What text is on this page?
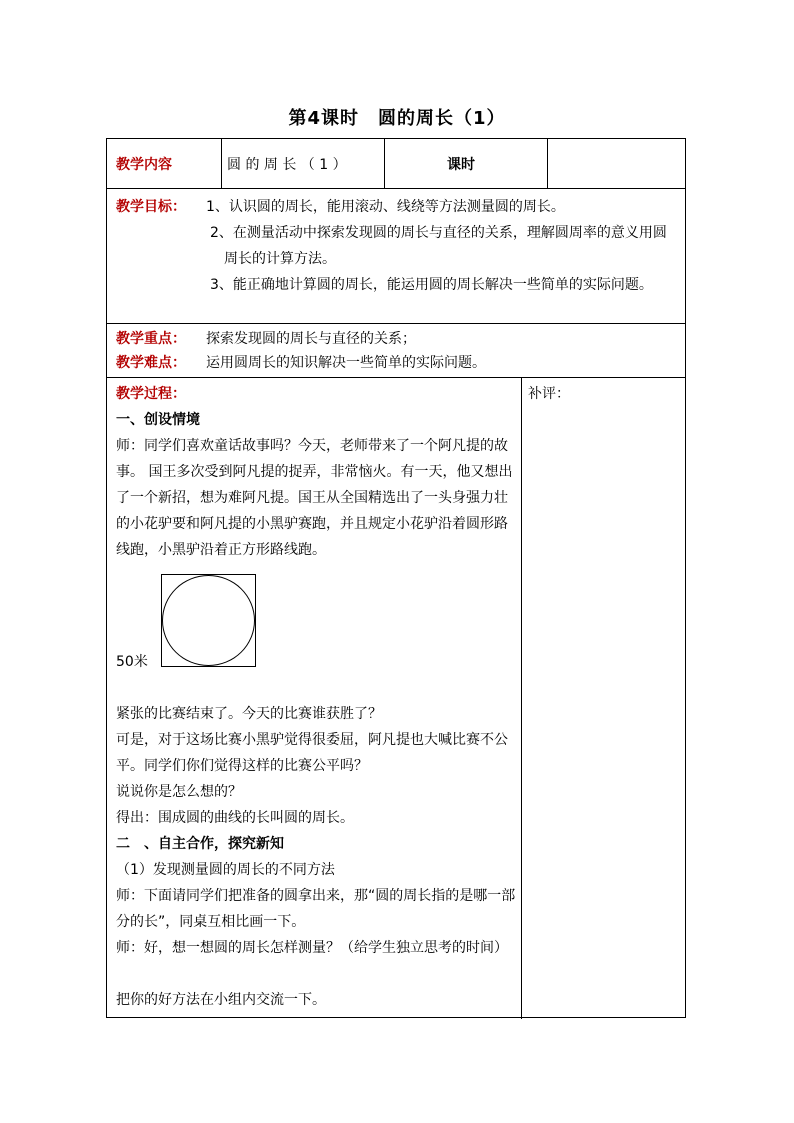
第4课时　圆的周长（1）
教学内容	圆 的 周 长 （ 1 ）	课时
教学目标： 1、认识圆的周长，能用滚动、线绕等方法测量圆的周长。
2、在测量活动中探索发现圆的周长与直径的关系，理解圆周率的意义用圆周长的计算方法。
3、能正确地计算圆的周长，能运用圆的周长解决一些简单的实际问题。
教学重点： 探索发现圆的周长与直径的关系；
教学难点： 运用圆周长的知识解决一些简单的实际问题。
教学过程：
一、创设情境
师：同学们喜欢童话故事吗？今天，老师带来了一个阿凡提的故事。 国王多次受到阿凡提的捉弄，非常恼火。有一天，他又想出了一个新招，想为难阿凡提。国王从全国精选出了一头身强力壮的小花驴要和阿凡提的小黑驴赛跑，并且规定小花驴沿着圆形路线跑，小黑驴沿着正方形路线跑。
50米
紧张的比赛结束了。今天的比赛谁获胜了？
可是，对于这场比赛小黑驴觉得很委屈，阿凡提也大喊比赛不公平。同学们你们觉得这样的比赛公平吗？
说说你是怎么想的？
得出：围成圆的曲线的长叫圆的周长。
二　、自主合作，探究新知
（1）发现测量圆的周长的不同方法
师：下面请同学们把准备的圆拿出来，那“圆的周长指的是哪一部分的长”，同桌互相比画一下。
师：好，想一想圆的周长怎样测量？（给学生独立思考的时间）
把你的好方法在小组内交流一下。
补评：
